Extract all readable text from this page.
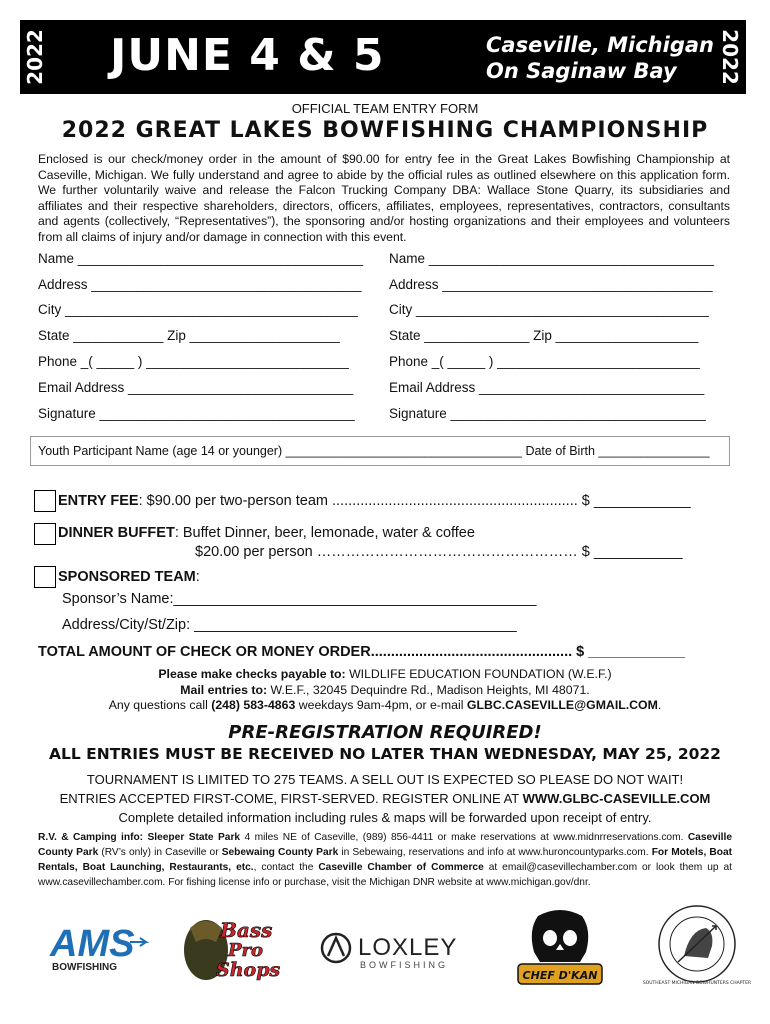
2022	2022
JUNE 4 & 5	Caseville, Michigan
On Saginaw Bay
OFFICIAL TEAM ENTRY FORM
2022 GREAT LAKES BOWFISHING CHAMPIONSHIP
Enclosed is our check/money order in the amount of $90.00 for entry fee in the Great Lakes Bowfishing Championship at Caseville, Michigan. We fully understand and agree to abide by the official rules as outlined elsewhere on this application form. We further voluntarily waive and release the Falcon Trucking Company DBA: Wallace Stone Quarry, its subsidiaries and affiliates and their respective shareholders, directors, officers, affiliates, employees, representatives, contractors, consultants and agents (collectively, “Representatives”), the sponsoring and/or hosting organizations and their employees and volunteers from all claims of injury and/or damage in connection with this event.
Name ______________________________________
Address ____________________________________
City _______________________________________
State ____________ Zip ____________________
Phone _( _____ ) ___________________________
Email Address ______________________________
Signature __________________________________
Name ______________________________________
Address ____________________________________
City _______________________________________
State ______________ Zip ___________________
Phone _( _____ ) ___________________________
Email Address ______________________________
Signature __________________________________
Youth Participant Name (age 14 or younger) __________________________________ Date of Birth ________________
ENTRY FEE: $90.00 per two-person team ............................................................. $ ____________
DINNER BUFFET: Buffet Dinner, beer, lemonade, water & coffee
$20.00 per person ……………………………………………… $ ___________
SPONSORED TEAM:
Sponsor’s Name:_____________________________________________
Address/City/St/Zip: ________________________________________
TOTAL AMOUNT OF CHECK OR MONEY ORDER.................................................. $ ____________
Please make checks payable to: WILDLIFE EDUCATION FOUNDATION (W.E.F.)
Mail entries to: W.E.F., 32045 Dequindre Rd., Madison Heights, MI 48071.
Any questions call (248) 583-4863 weekdays 9am-4pm, or e-mail GLBC.CASEVILLE@GMAIL.COM.
PRE-REGISTRATION REQUIRED!
ALL ENTRIES MUST BE RECEIVED NO LATER THAN WEDNESDAY, MAY 25, 2022
TOURNAMENT IS LIMITED TO 275 TEAMS. A SELL OUT IS EXPECTED SO PLEASE DO NOT WAIT!
ENTRIES ACCEPTED FIRST-COME, FIRST-SERVED. REGISTER ONLINE AT WWW.GLBC-CASEVILLE.COM
Complete detailed information including rules & maps will be forwarded upon receipt of entry.
R.V. & Camping info: Sleeper State Park 4 miles NE of Caseville, (989) 856-4411 or make reservations at www.midnrreservations.com. Caseville County Park (RV’s only) in Caseville or Sebewaing County Park in Sebewaing, reservations and info at www.huroncountyparks.com. For Motels, Boat Rentals, Boat Launching, Restaurants, etc., contact the Caseville Chamber of Commerce at email@casevillechamber.com or look them up at www.casevillechamber.com. For fishing license info or purchase, visit the Michigan DNR website at www.michigan.gov/dnr.
AMS
BOWFISHING
Bass
Pro
Shops
LOXLEY
BOWFISHING
CHEF D'KAN
SOUTHEAST MICHIGAN BOWHUNTERS CHAPTER
